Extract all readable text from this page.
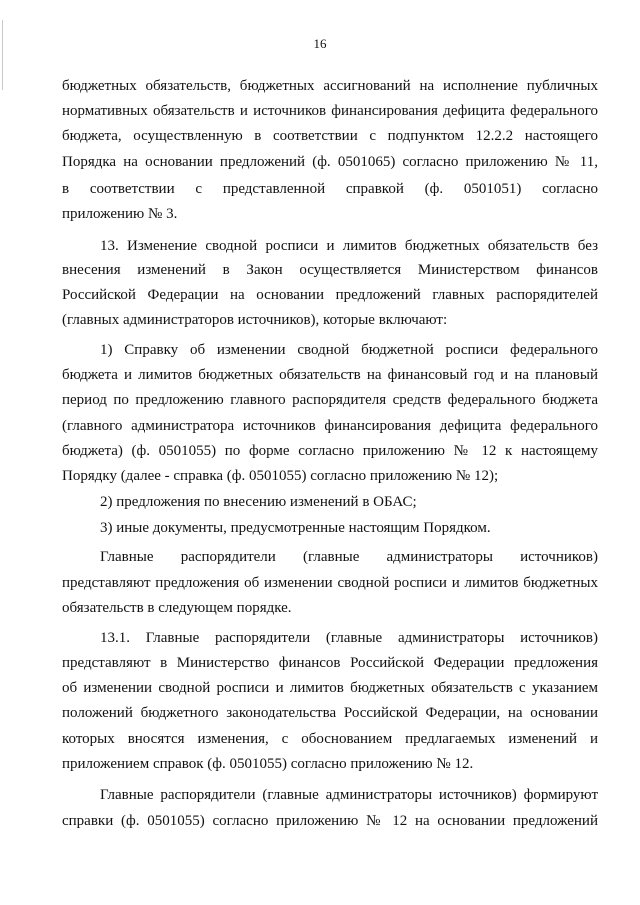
16
бюджетных обязательств, бюджетных ассигнований на исполнение публичных
нормативных обязательств и источников финансирования дефицита федерального
бюджета, осуществленную в соответствии с подпунктом 12.2.2 настоящего
Порядка на основании предложений (ф. 0501065) согласно приложению № 11,
в соответствии с представленной справкой (ф. 0501051) согласно
приложению № 3.
13. Изменение сводной росписи и лимитов бюджетных обязательств без
внесения изменений в Закон осуществляется Министерством финансов
Российской Федерации на основании предложений главных распорядителей
(главных администраторов источников), которые включают:
1) Справку об изменении сводной бюджетной росписи федерального
бюджета и лимитов бюджетных обязательств на финансовый год и на плановый
период по предложению главного распорядителя средств федерального бюджета
(главного администратора источников финансирования дефицита федерального
бюджета) (ф. 0501055) по форме согласно приложению № 12 к настоящему
Порядку (далее - справка (ф. 0501055) согласно приложению № 12);
2) предложения по внесению изменений в ОБАС;
3) иные документы, предусмотренные настоящим Порядком.
Главные распорядители (главные администраторы источников)
представляют предложения об изменении сводной росписи и лимитов бюджетных
обязательств в следующем порядке.
13.1. Главные распорядители (главные администраторы источников)
представляют в Министерство финансов Российской Федерации предложения
об изменении сводной росписи и лимитов бюджетных обязательств с указанием
положений бюджетного законодательства Российской Федерации, на основании
которых вносятся изменения, с обоснованием предлагаемых изменений и
приложением справок (ф. 0501055) согласно приложению № 12.
Главные распорядители (главные администраторы источников) формируют
справки (ф. 0501055) согласно приложению № 12 на основании предложений
